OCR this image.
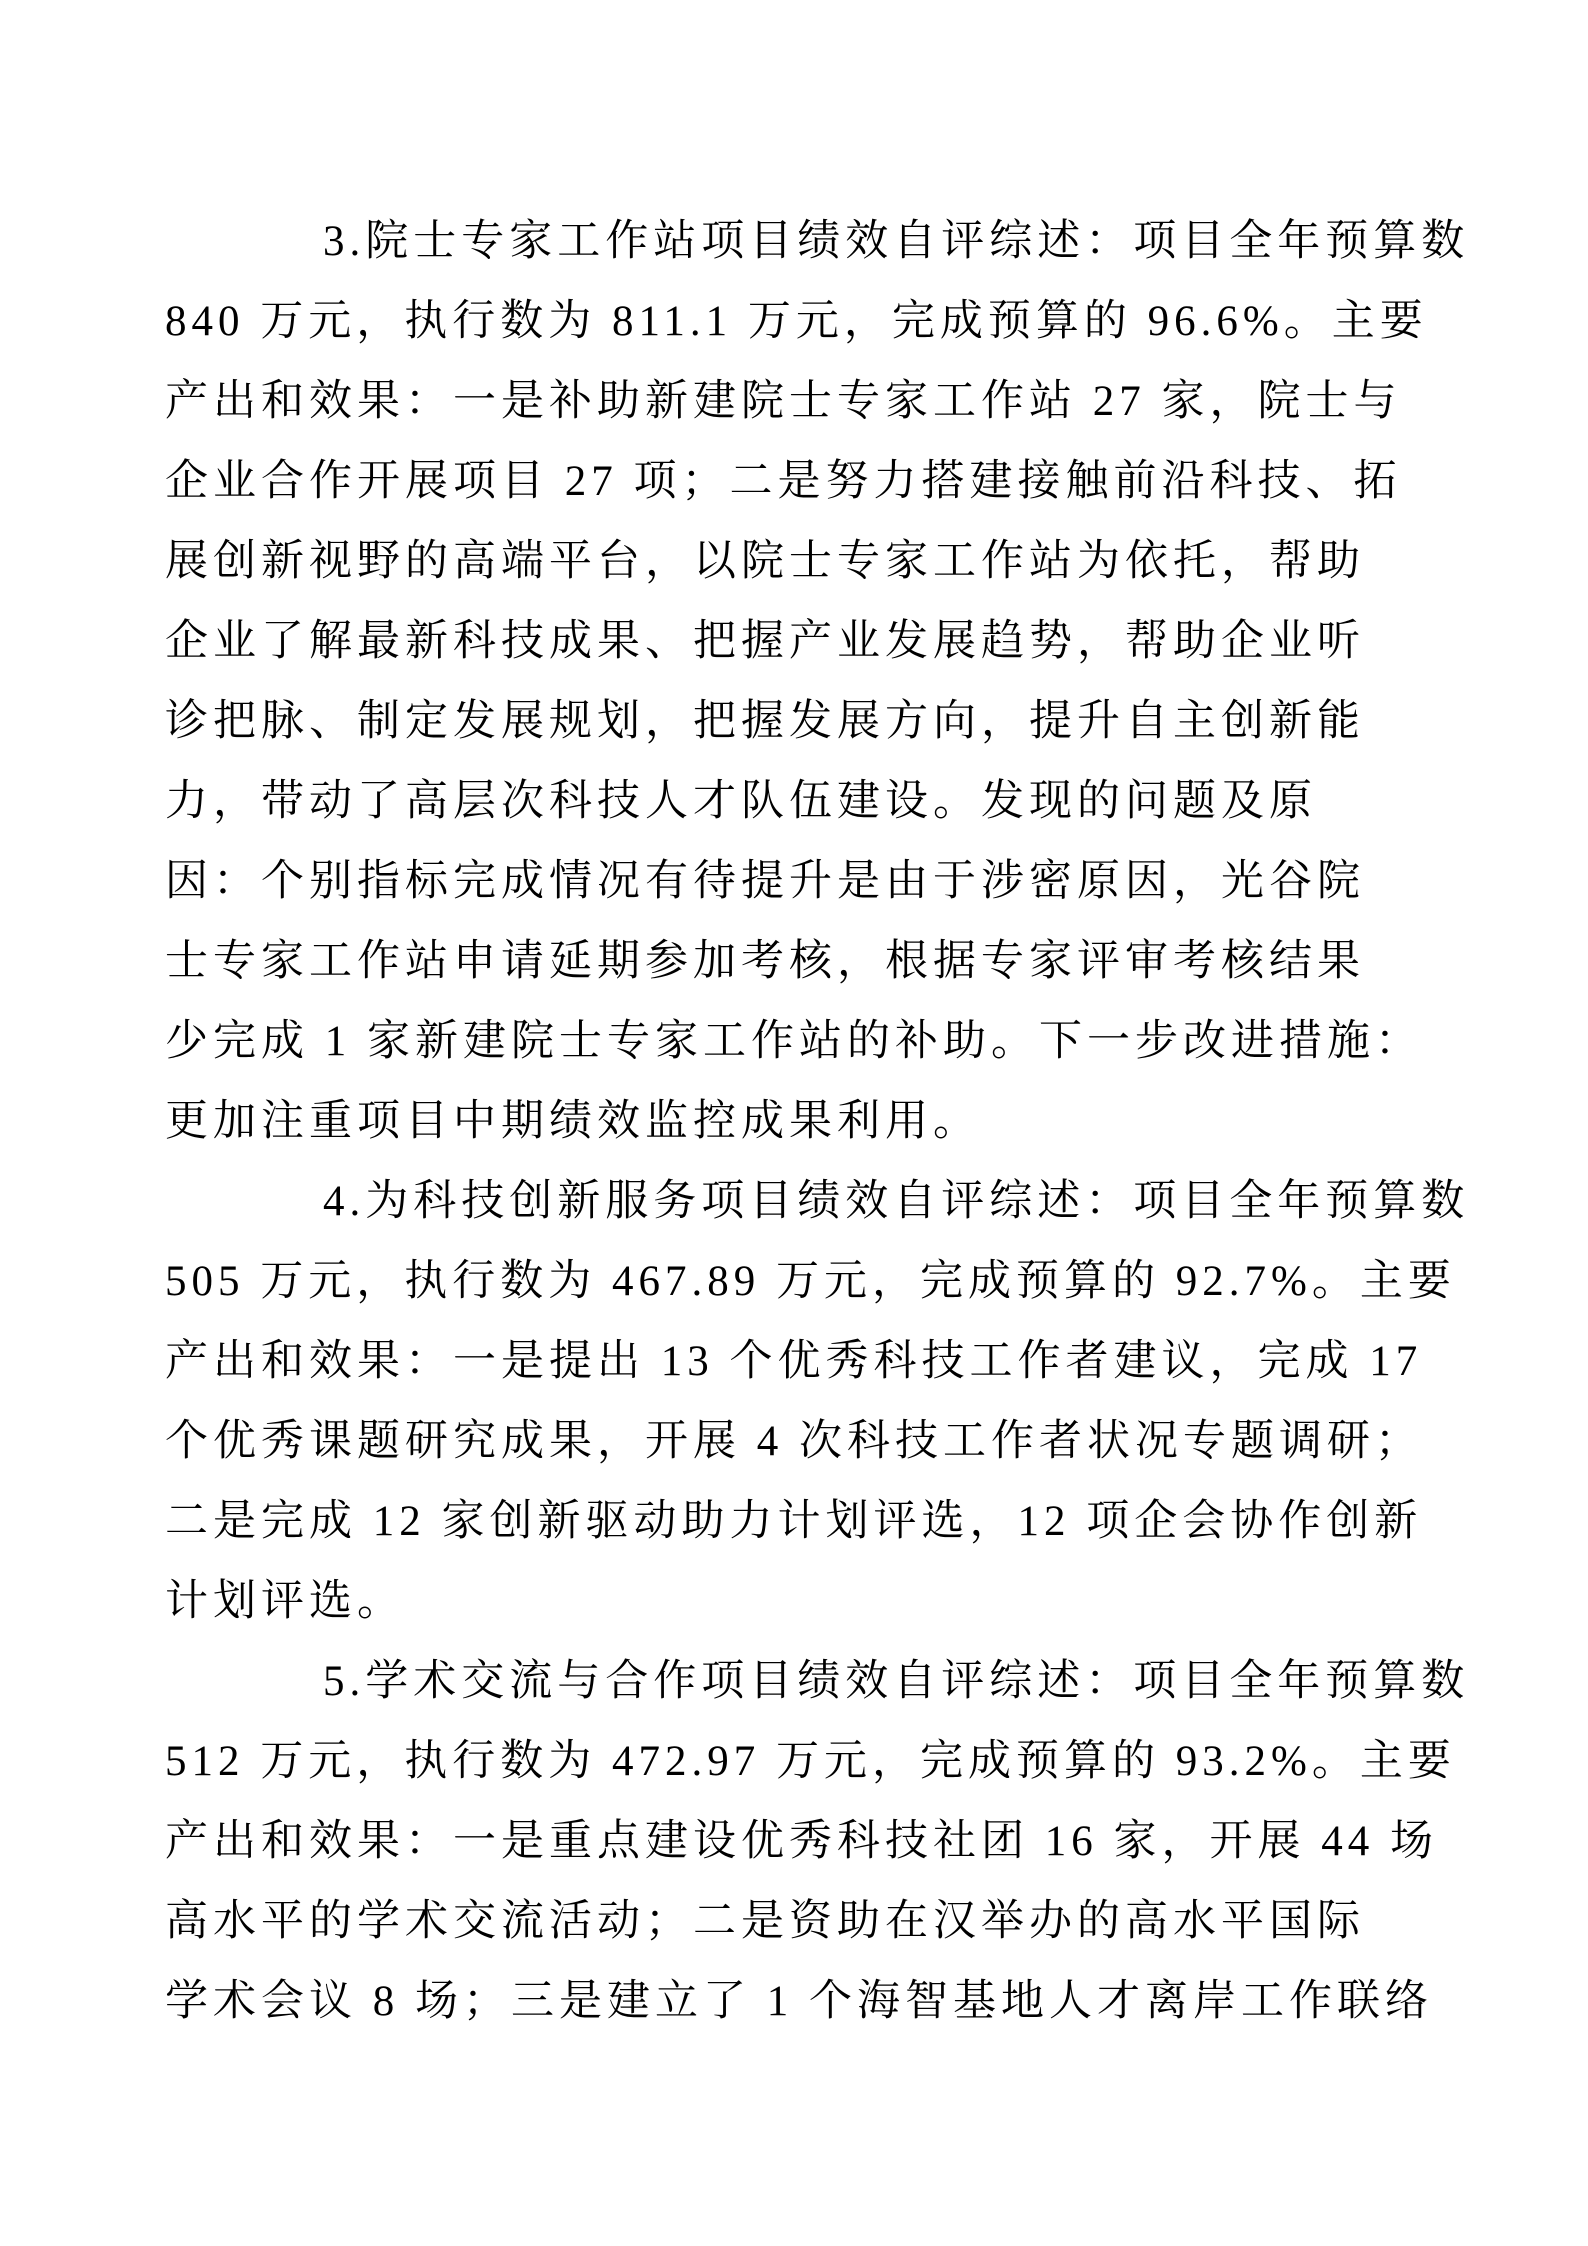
3.院士专家工作站项目绩效自评综述：项目全年预算数
840 万元，执行数为 811.1 万元，完成预算的 96.6%。主要
产出和效果：一是补助新建院士专家工作站 27 家，院士与
企业合作开展项目 27 项；二是努力搭建接触前沿科技、拓
展创新视野的高端平台，以院士专家工作站为依托，帮助
企业了解最新科技成果、把握产业发展趋势，帮助企业听
诊把脉、制定发展规划，把握发展方向，提升自主创新能
力，带动了高层次科技人才队伍建设。发现的问题及原
因：个别指标完成情况有待提升是由于涉密原因，光谷院
士专家工作站申请延期参加考核，根据专家评审考核结果
少完成 1 家新建院士专家工作站的补助。下一步改进措施：
更加注重项目中期绩效监控成果利用。
4.为科技创新服务项目绩效自评综述：项目全年预算数
505 万元，执行数为 467.89 万元，完成预算的 92.7%。主要
产出和效果：一是提出 13 个优秀科技工作者建议，完成 17
个优秀课题研究成果，开展 4 次科技工作者状况专题调研；
二是完成 12 家创新驱动助力计划评选，12 项企会协作创新
计划评选。
5.学术交流与合作项目绩效自评综述：项目全年预算数
512 万元，执行数为 472.97 万元，完成预算的 93.2%。主要
产出和效果：一是重点建设优秀科技社团 16 家，开展 44 场
高水平的学术交流活动；二是资助在汉举办的高水平国际
学术会议 8 场；三是建立了 1 个海智基地人才离岸工作联络
